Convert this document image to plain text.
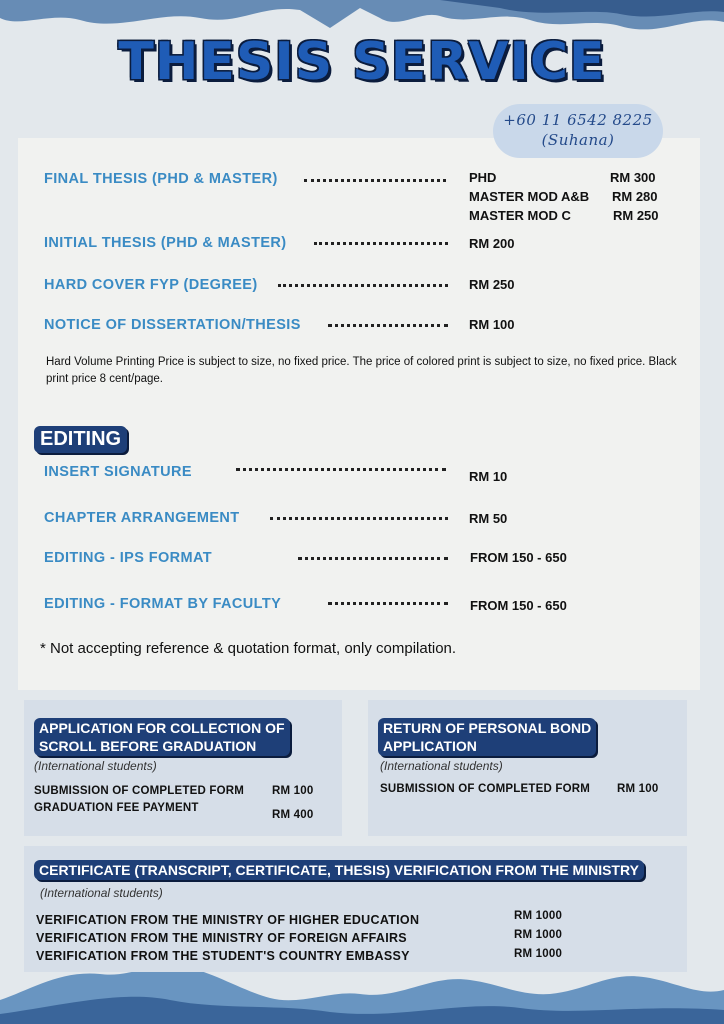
THESIS SERVICE
+60 11 6542 8225
(Suhana)
FINAL THESIS (PHD & MASTER)	PHD	RM 300
MASTER MOD A&B RM 280
MASTER MOD C	RM 250
INITIAL THESIS (PHD & MASTER)	RM 200
HARD COVER FYP (DEGREE)	RM 250
NOTICE OF DISSERTATION/THESIS	RM 100

Hard Volume Printing Price is subject to size, no fixed price. The price of colored print is subject to size, no fixed price. Black print price 8 cent/page.

EDITING
INSERT SIGNATURE	RM 10
CHAPTER ARRANGEMENT	RM 50
EDITING - IPS FORMAT	FROM 150 - 650
EDITING - FORMAT BY FACULTY	FROM 150 - 650

* Not accepting reference & quotation format, only compilation.

APPLICATION FOR COLLECTION OF
SCROLL BEFORE GRADUATION
(International students)
SUBMISSION OF COMPLETED FORM RM 100
GRADUATION FEE PAYMENT
RM 400
RETURN OF PERSONAL BOND
APPLICATION
(International students)
SUBMISSION OF COMPLETED FORM RM 100
CERTIFICATE (TRANSCRIPT, CERTIFICATE, THESIS) VERIFICATION FROM THE MINISTRY
(International students)
VERIFICATION FROM THE MINISTRY OF HIGHER EDUCATION	RM 1000
VERIFICATION FROM THE MINISTRY OF FOREIGN AFFAIRS	RM 1000
VERIFICATION FROM THE STUDENT'S COUNTRY EMBASSY	RM 1000
